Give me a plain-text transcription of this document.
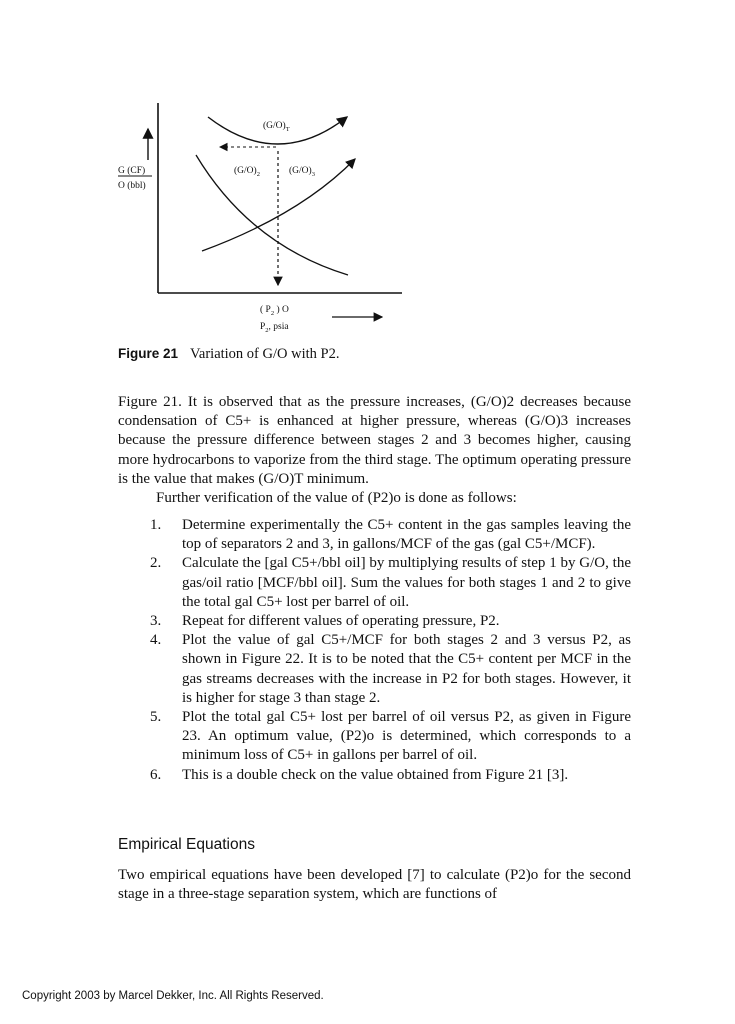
G (CF)
O (bbl)
$(G/O)_T$
$(G/O)_2$	$(G/O)_3$
( $P_2$ ) O
$P_2$, psia
Figure 21 Variation of G/O with P2.
Figure 21. It is observed that as the pressure increases, (G/O)2 decreases because condensation of C5+ is enhanced at higher pressure, whereas (G/O)3 increases because the pressure difference between stages 2 and 3 becomes higher, causing more hydrocarbons to vaporize from the third stage. The optimum operating pressure is the value that makes (G/O)T minimum.
Further verification of the value of (P2)o is done as follows:
1.	Determine experimentally the C5+ content in the gas samples leaving the top of separators 2 and 3, in gallons/MCF of the gas (gal C5+/MCF).
2.	Calculate the [gal C5+/bbl oil] by multiplying results of step 1 by G/O, the gas/oil ratio [MCF/bbl oil]. Sum the values for both stages 1 and 2 to give the total gal C5+ lost per barrel of oil.
3.	Repeat for different values of operating pressure, P2.
4.	Plot the value of gal C5+/MCF for both stages 2 and 3 versus P2, as shown in Figure 22. It is to be noted that the C5+ content per MCF in the gas streams decreases with the increase in P2 for both stages. However, it is higher for stage 3 than stage 2.
5.	Plot the total gal C5+ lost per barrel of oil versus P2, as given in Figure 23. An optimum value, (P2)o is determined, which corresponds to a minimum loss of C5+ in gallons per barrel of oil.
6.	This is a double check on the value obtained from Figure 21 [3].
Empirical Equations
Two empirical equations have been developed [7] to calculate (P2)o for the second stage in a three-stage separation system, which are functions of
Copyright 2003 by Marcel Dekker, Inc. All Rights Reserved.
